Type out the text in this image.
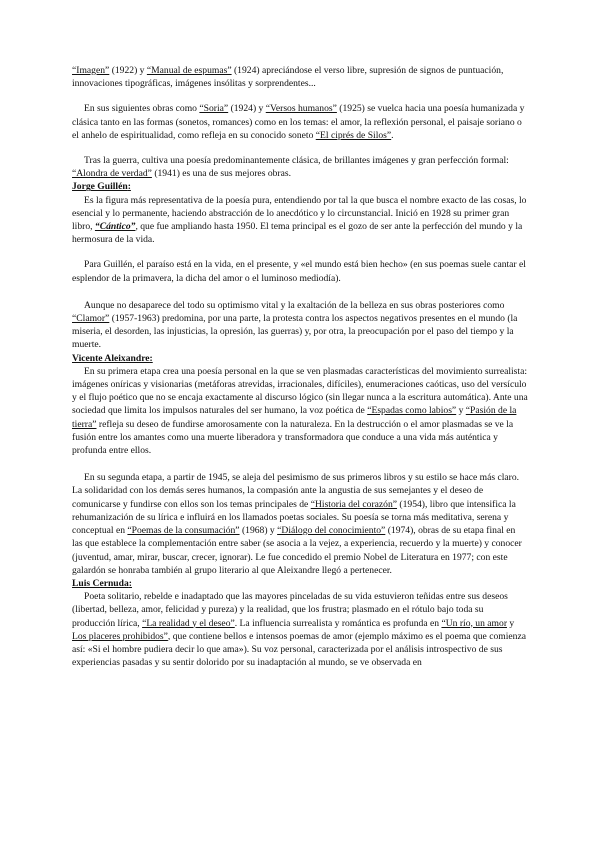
“Imagen” (1922) y “Manual de espumas” (1924) apreciándose el verso libre, supresión de signos de puntuación, innovaciones tipográficas, imágenes insólitas y sorprendentes...

En sus siguientes obras como “Soria” (1924) y “Versos humanos” (1925) se vuelca hacia una poesía humanizada y clásica tanto en las formas (sonetos, romances) como en los temas: el amor, la reflexión personal, el paisaje soriano o el anhelo de espiritualidad, como refleja en su conocido soneto “El ciprés de Silos”.

Tras la guerra, cultiva una poesía predominantemente clásica, de brillantes imágenes y gran perfección formal: “Alondra de verdad” (1941) es una de sus mejores obras.

Jorge Guillén:

Es la figura más representativa de la poesía pura, entendiendo por tal la que busca el nombre exacto de las cosas, lo esencial y lo permanente, haciendo abstracción de lo anecdótico y lo circunstancial. Inició en 1928 su primer gran libro, “Cántico”, que fue ampliando hasta 1950. El tema principal es el gozo de ser ante la perfección del mundo y la hermosura de la vida.

Para Guillén, el paraíso está en la vida, en el presente, y «el mundo está bien hecho» (en sus poemas suele cantar el esplendor de la primavera, la dicha del amor o el luminoso mediodía).

Aunque no desaparece del todo su optimismo vital y la exaltación de la belleza en sus obras posteriores como “Clamor” (1957-1963) predomina, por una parte, la protesta contra los aspectos negativos presentes en el mundo (la miseria, el desorden, las injusticias, la opresión, las guerras) y, por otra, la preocupación por el paso del tiempo y la muerte.

Vicente Aleixandre:

En su primera etapa crea una poesía personal en la que se ven plasmadas características del movimiento surrealista: imágenes oníricas y visionarias (metáforas atrevidas, irracionales, difíciles), enumeraciones caóticas, uso del versículo y el flujo poético que no se encaja exactamente al discurso lógico (sin llegar nunca a la escritura automática). Ante una sociedad que limita los impulsos naturales del ser humano, la voz poética de “Espadas como labios” y “Pasión de la tierra” refleja su deseo de fundirse amorosamente con la naturaleza. En la destrucción o el amor plasmadas se ve la fusión entre los amantes como una muerte liberadora y transformadora que conduce a una vida más auténtica y profunda entre ellos.

En su segunda etapa, a partir de 1945, se aleja del pesimismo de sus primeros libros y su estilo se hace más claro. La solidaridad con los demás seres humanos, la compasión ante la angustia de sus semejantes y el deseo de comunicarse y fundirse con ellos son los temas principales de “Historia del corazón” (1954), libro que intensifica la rehumanización de su lírica e influirá en los llamados poetas sociales. Su poesía se torna más meditativa, serena y conceptual en “Poemas de la consumación” (1968) y “Diálogo del conocimiento” (1974), obras de su etapa final en las que establece la complementación entre saber (se asocia a la vejez, a experiencia, recuerdo y la muerte) y conocer (juventud, amar, mirar, buscar, crecer, ignorar). Le fue concedido el premio Nobel de Literatura en 1977; con este galardón se honraba también al grupo literario al que Aleixandre llegó a pertenecer.

Luis Cernuda:

Poeta solitario, rebelde e inadaptado que las mayores pinceladas de su vida estuvieron teñidas entre sus deseos (libertad, belleza, amor, felicidad y pureza) y la realidad, que los frustra; plasmado en el rótulo bajo toda su producción lírica, “La realidad y el deseo”. La influencia surrealista y romántica es profunda en “Un río, un amor y Los placeres prohibidos”, que contiene bellos e intensos poemas de amor (ejemplo máximo es el poema que comienza así: «Si el hombre pudiera decir lo que ama»). Su voz personal, caracterizada por el análisis introspectivo de sus experiencias pasadas y su sentir dolorido por su inadaptación al mundo, se ve observada en
